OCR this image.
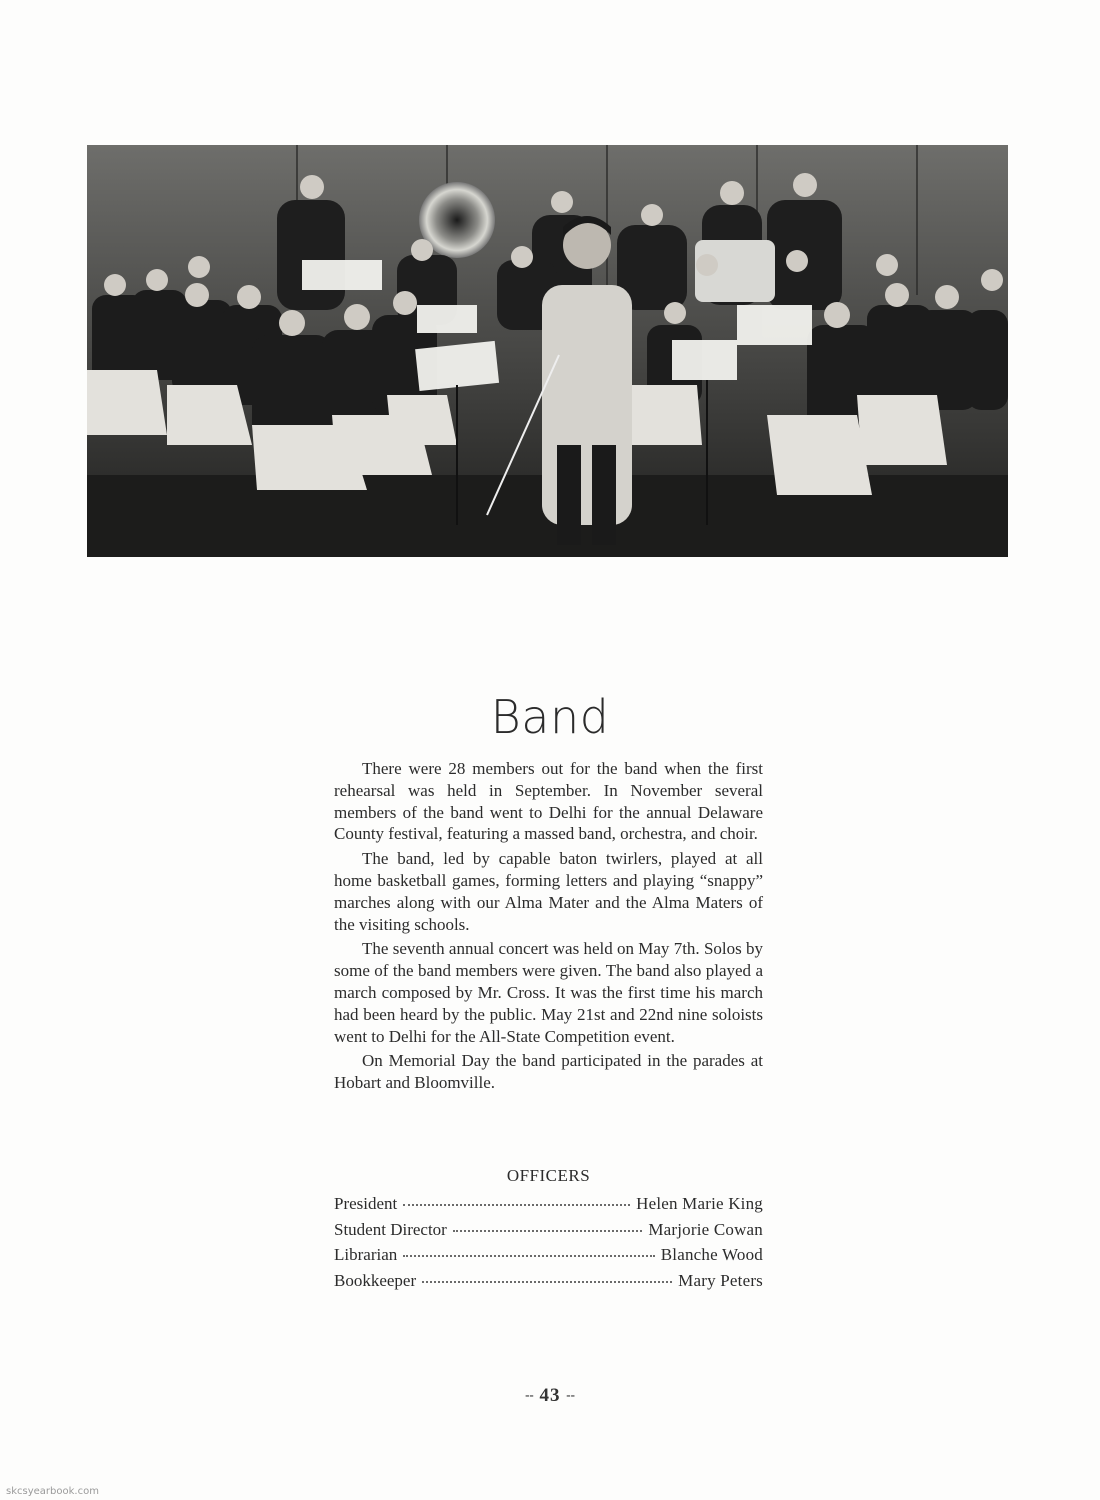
Band

There were 28 members out for the band when the first rehearsal was held in September. In November several members of the band went to Delhi for the annual Delaware County festival, featuring a massed band, orchestra, and choir.

The band, led by capable baton twirlers, played at all home basketball games, forming letters and playing “snappy” marches along with our Alma Mater and the Alma Maters of the visiting schools.

The seventh annual concert was held on May 7th. Solos by some of the band members were given. The band also played a march composed by Mr. Cross. It was the first time his march had been heard by the public. May 21st and 22nd nine soloists went to Delhi for the All-State Competition event.

On Memorial Day the band participated in the parades at Hobart and Bloomville.

OFFICERS
President	Helen Marie King
Student Director	Marjorie Cowan
Librarian	Blanche Wood
Bookkeeper	Mary Peters
-- 43 --
skcsyearbook.com
